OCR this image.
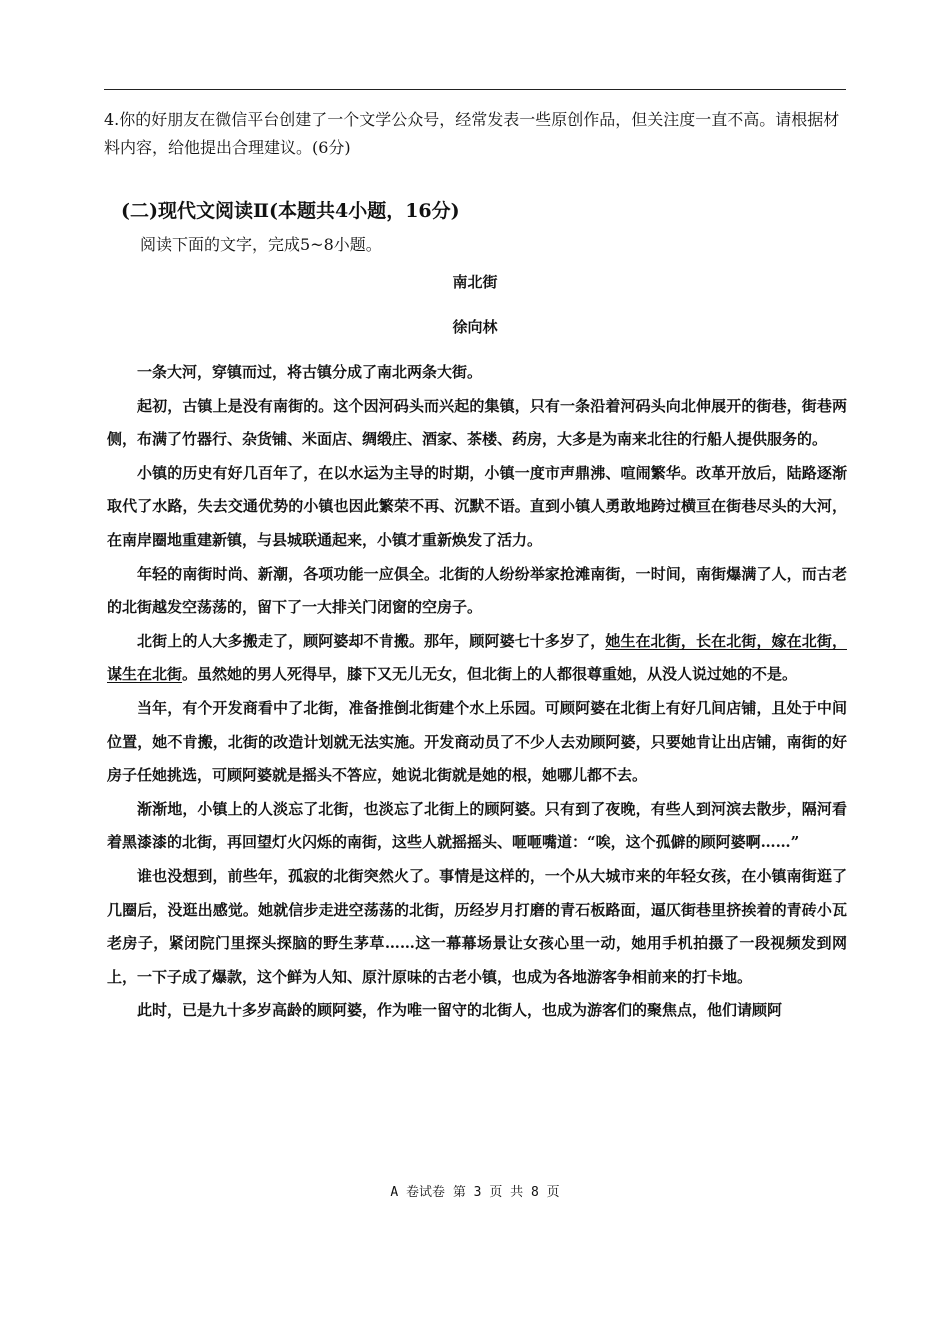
4.你的好朋友在微信平台创建了一个文学公众号，经常发表一些原创作品，但关注度一直不高。请根据材料内容，给他提出合理建议。(6分)

(二)现代文阅读Ⅱ(本题共4小题，16分)

阅读下面的文字，完成5~8小题。

南北街

徐向林

一条大河，穿镇而过，将古镇分成了南北两条大街。

起初，古镇上是没有南街的。这个因河码头而兴起的集镇，只有一条沿着河码头向北伸展开的街巷，街巷两侧，布满了竹器行、杂货铺、米面店、绸缎庄、酒家、茶楼、药房，大多是为南来北往的行船人提供服务的。

小镇的历史有好几百年了，在以水运为主导的时期，小镇一度市声鼎沸、喧闹繁华。改革开放后，陆路逐渐取代了水路，失去交通优势的小镇也因此繁荣不再、沉默不语。直到小镇人勇敢地跨过横亘在街巷尽头的大河，在南岸圈地重建新镇，与县城联通起来，小镇才重新焕发了活力。

年轻的南街时尚、新潮，各项功能一应俱全。北街的人纷纷举家抢滩南街，一时间，南街爆满了人，而古老的北街越发空荡荡的，留下了一大排关门闭窗的空房子。

北街上的人大多搬走了，顾阿婆却不肯搬。那年，顾阿婆七十多岁了，她生在北街，长在北街，嫁在北街，谋生在北街。虽然她的男人死得早，膝下又无儿无女，但北街上的人都很尊重她，从没人说过她的不是。

当年，有个开发商看中了北街，准备推倒北街建个水上乐园。可顾阿婆在北街上有好几间店铺，且处于中间位置，她不肯搬，北街的改造计划就无法实施。开发商动员了不少人去劝顾阿婆，只要她肯让出店铺，南街的好房子任她挑选，可顾阿婆就是摇头不答应，她说北街就是她的根，她哪儿都不去。

渐渐地，小镇上的人淡忘了北街，也淡忘了北街上的顾阿婆。只有到了夜晚，有些人到河滨去散步，隔河看着黑漆漆的北街，再回望灯火闪烁的南街，这些人就摇摇头、咂咂嘴道：“唉，这个孤僻的顾阿婆啊……”

谁也没想到，前些年，孤寂的北街突然火了。事情是这样的，一个从大城市来的年轻女孩，在小镇南街逛了几圈后，没逛出感觉。她就信步走进空荡荡的北街，历经岁月打磨的青石板路面，逼仄街巷里挤挨着的青砖小瓦老房子，紧闭院门里探头探脑的野生茅草……这一幕幕场景让女孩心里一动，她用手机拍摄了一段视频发到网上，一下子成了爆款，这个鲜为人知、原汁原味的古老小镇，也成为各地游客争相前来的打卡地。

此时，已是九十多岁高龄的顾阿婆，作为唯一留守的北街人，也成为游客们的聚焦点，他们请顾阿

A 卷试卷 第 3 页 共 8 页
